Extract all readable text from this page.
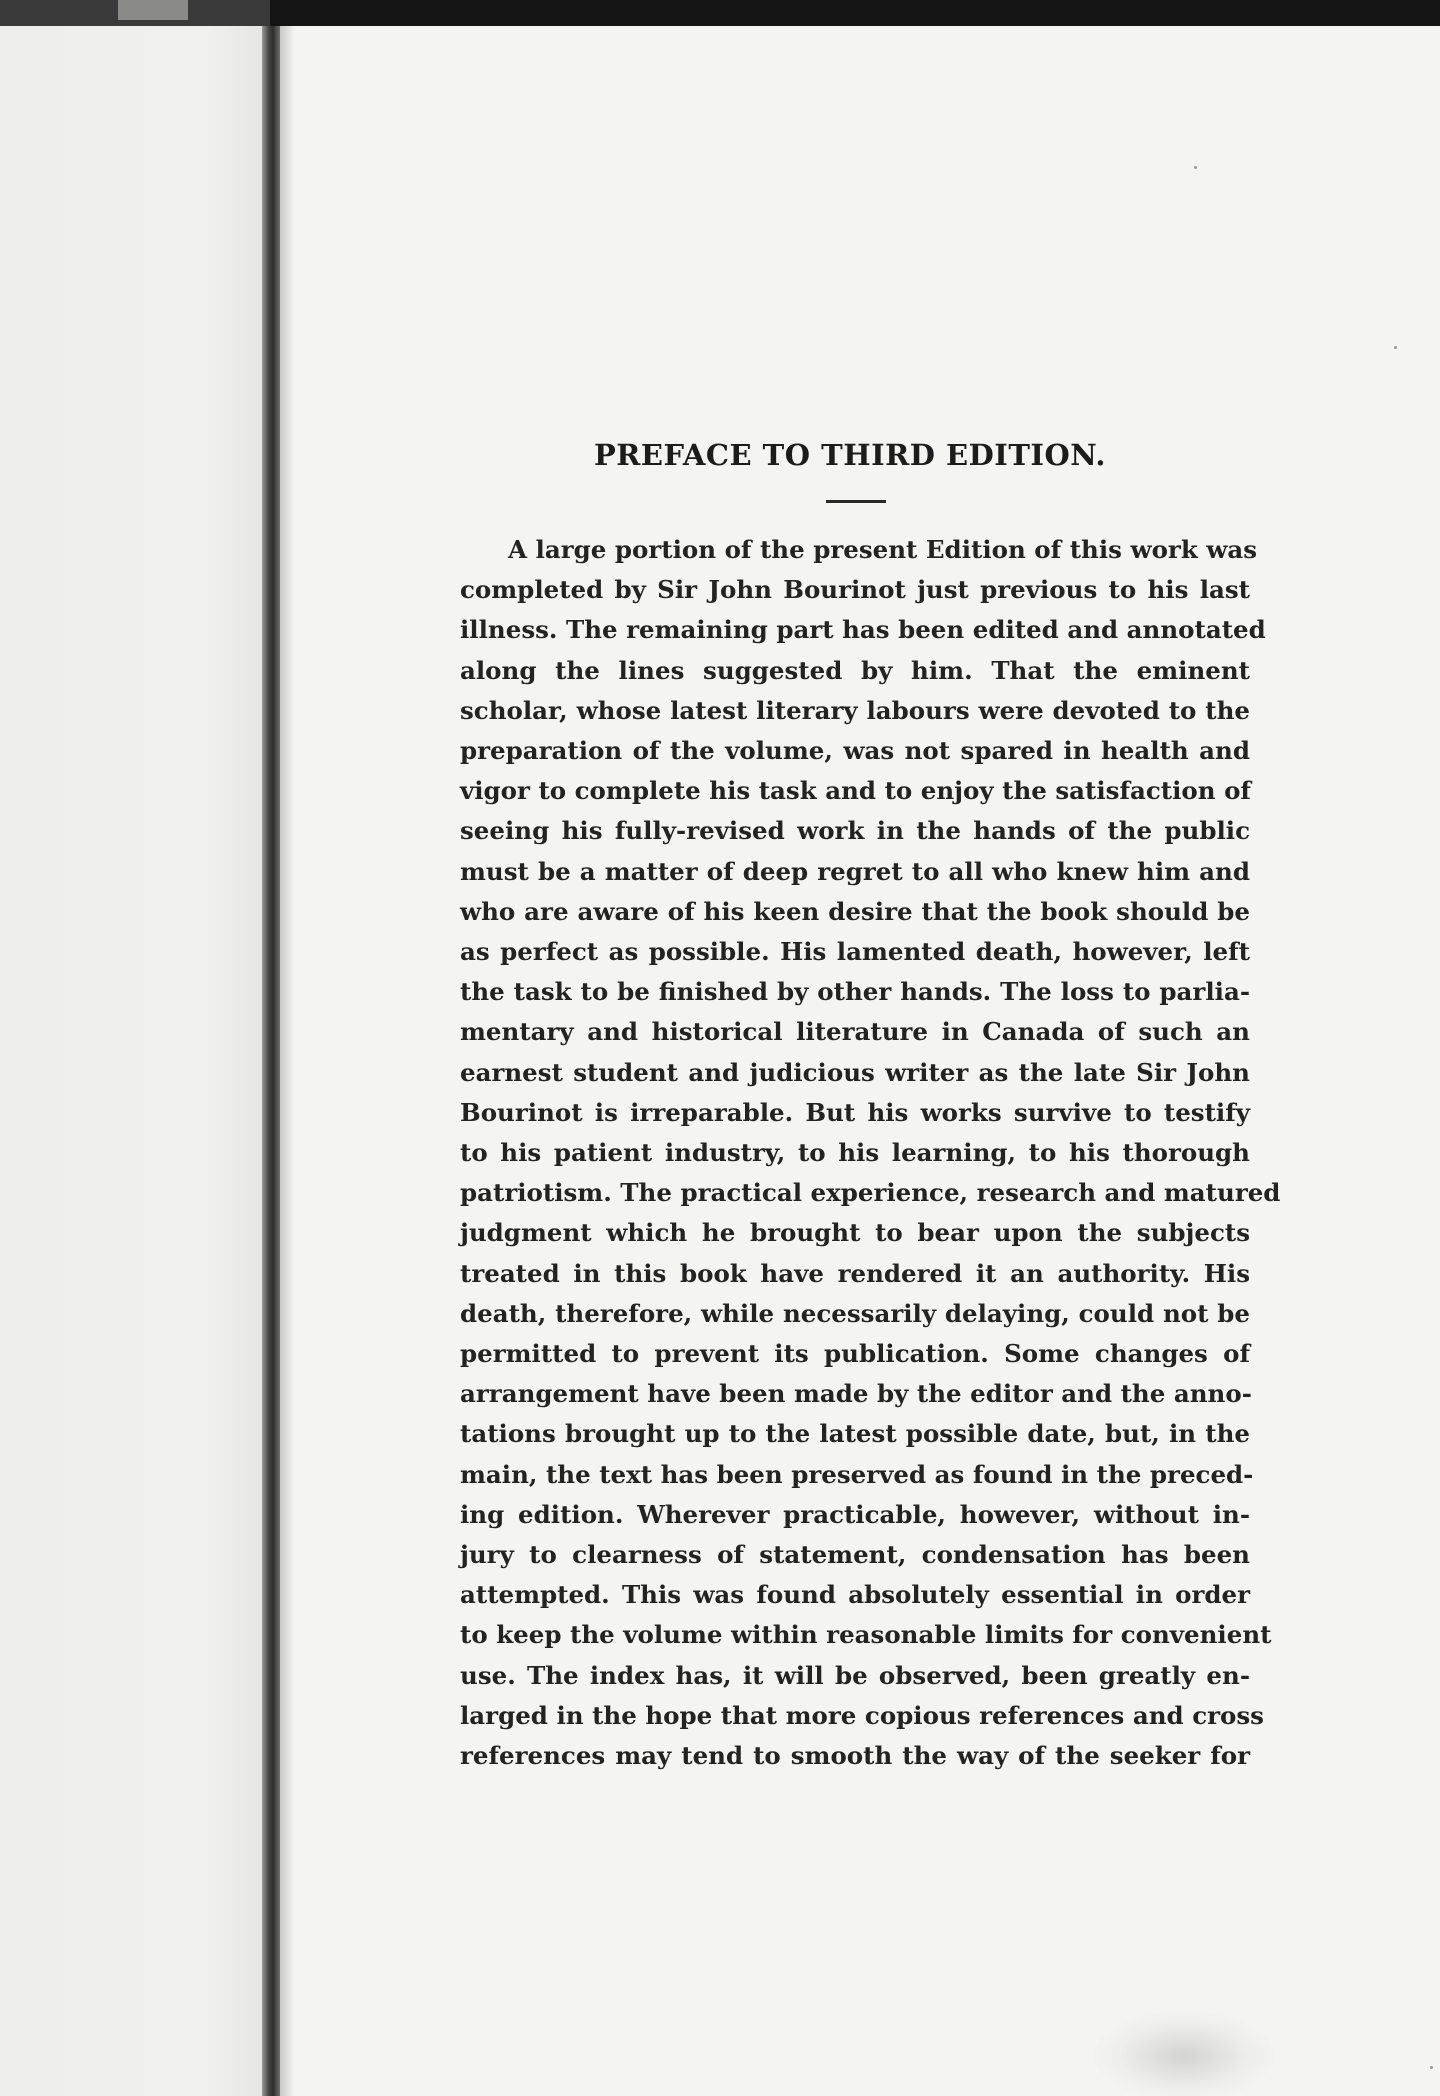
PREFACE TO THIRD EDITION.
A large portion of the present Edition of this work was
completed by Sir John Bourinot just previous to his last
illness. The remaining part has been edited and annotated
along the lines suggested by him. That the eminent
scholar, whose latest literary labours were devoted to the
preparation of the volume, was not spared in health and
vigor to complete his task and to enjoy the satisfaction of
seeing his fully-revised work in the hands of the public
must be a matter of deep regret to all who knew him and
who are aware of his keen desire that the book should be
as perfect as possible. His lamented death, however, left
the task to be finished by other hands. The loss to parlia-
mentary and historical literature in Canada of such an
earnest student and judicious writer as the late Sir John
Bourinot is irreparable. But his works survive to testify
to his patient industry, to his learning, to his thorough
patriotism. The practical experience, research and matured
judgment which he brought to bear upon the subjects
treated in this book have rendered it an authority. His
death, therefore, while necessarily delaying, could not be
permitted to prevent its publication. Some changes of
arrangement have been made by the editor and the anno-
tations brought up to the latest possible date, but, in the
main, the text has been preserved as found in the preced-
ing edition. Wherever practicable, however, without in-
jury to clearness of statement, condensation has been
attempted. This was found absolutely essential in order
to keep the volume within reasonable limits for convenient
use. The index has, it will be observed, been greatly en-
larged in the hope that more copious references and cross
references may tend to smooth the way of the seeker for
